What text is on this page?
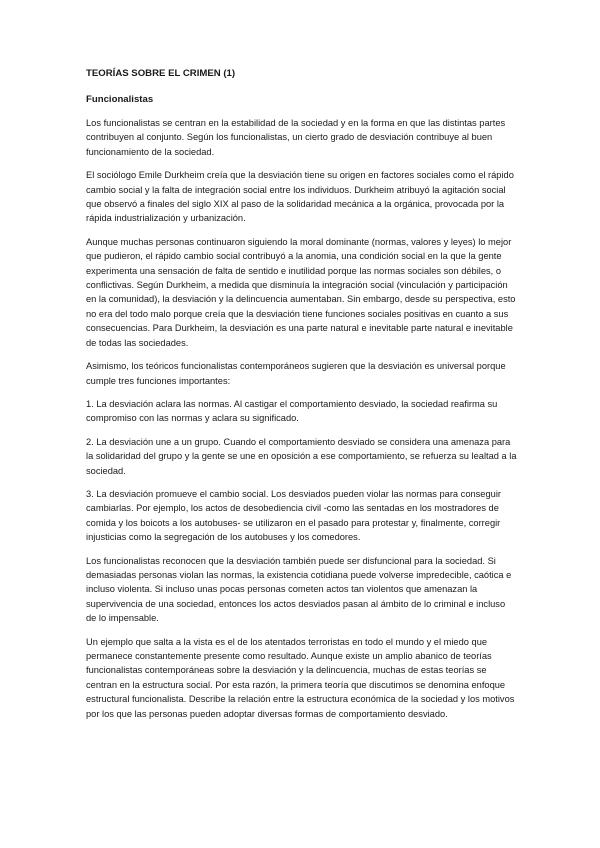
TEORÍAS SOBRE EL CRIMEN (1)
Funcionalistas

Los funcionalistas se centran en la estabilidad de la sociedad y en la forma en que las distintas partes contribuyen al conjunto. Según los funcionalistas, un cierto grado de desviación contribuye al buen funcionamiento de la sociedad.

El sociólogo Emile Durkheim creía que la desviación tiene su origen en factores sociales como el rápido cambio social y la falta de integración social entre los individuos. Durkheim atribuyó la agitación social que observó a finales del siglo XIX al paso de la solidaridad mecánica a la orgánica, provocada por la rápida industrialización y urbanización.

Aunque muchas personas continuaron siguiendo la moral dominante (normas, valores y leyes) lo mejor que pudieron, el rápido cambio social contribuyó a la anomia, una condición social en la que la gente experimenta una sensación de falta de sentido e inutilidad porque las normas sociales son débiles, o conflictivas. Según Durkheim, a medida que disminuía la integración social (vinculación y participación en la comunidad), la desviación y la delincuencia aumentaban. Sin embargo, desde su perspectiva, esto no era del todo malo porque creía que la desviación tiene funciones sociales positivas en cuanto a sus consecuencias. Para Durkheim, la desviación es una parte natural e inevitable parte natural e inevitable de todas las sociedades.

Asimismo, los teóricos funcionalistas contemporáneos sugieren que la desviación es universal porque cumple tres funciones importantes:

1. La desviación aclara las normas. Al castigar el comportamiento desviado, la sociedad reafirma su compromiso con las normas y aclara su significado.

2. La desviación une a un grupo. Cuando el comportamiento desviado se considera una amenaza para la solidaridad del grupo y la gente se une en oposición a ese comportamiento, se refuerza su lealtad a la sociedad.

3. La desviación promueve el cambio social. Los desviados pueden violar las normas para conseguir cambiarlas. Por ejemplo, los actos de desobediencia civil -como las sentadas en los mostradores de comida y los boicots a los autobuses- se utilizaron en el pasado para protestar y, finalmente, corregir injusticias como la segregación de los autobuses y los comedores.

Los funcionalistas reconocen que la desviación también puede ser disfuncional para la sociedad. Si demasiadas personas violan las normas, la existencia cotidiana puede volverse impredecible, caótica e incluso violenta. Si incluso unas pocas personas cometen actos tan violentos que amenazan la supervivencia de una sociedad, entonces los actos desviados pasan al ámbito de lo criminal e incluso de lo impensable.

Un ejemplo que salta a la vista es el de los atentados terroristas en todo el mundo y el miedo que permanece constantemente presente como resultado. Aunque existe un amplio abanico de teorías funcionalistas contemporáneas sobre la desviación y la delincuencia, muchas de estas teorías se centran en la estructura social. Por esta razón, la primera teoría que discutimos se denomina enfoque estructural funcionalista. Describe la relación entre la estructura económica de la sociedad y los motivos por los que las personas pueden adoptar diversas formas de comportamiento desviado.
